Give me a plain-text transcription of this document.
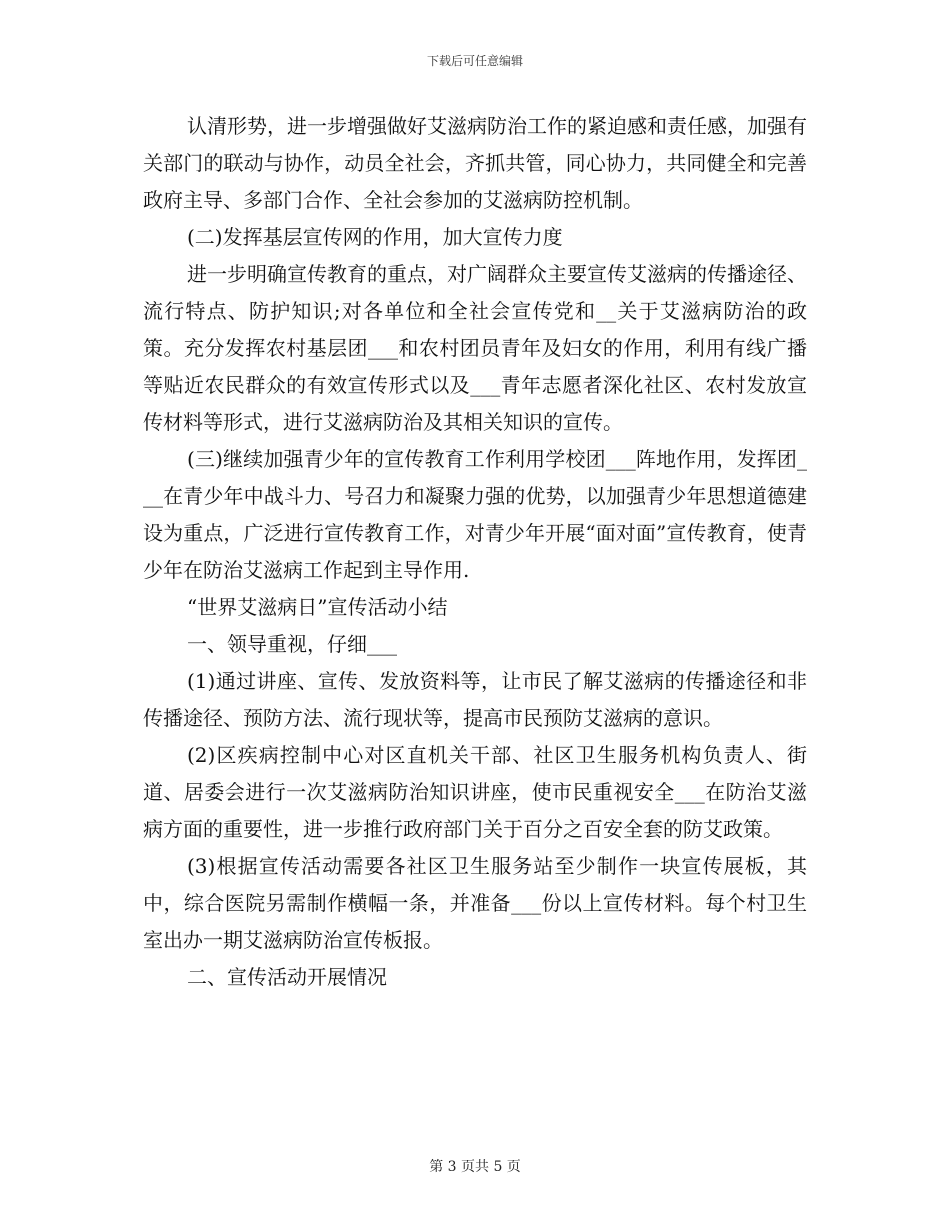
下载后可任意编辑

认清形势，进一步增强做好艾滋病防治工作的紧迫感和责任感，加强有关部门的联动与协作，动员全社会，齐抓共管，同心协力，共同健全和完善政府主导、多部门合作、全社会参加的艾滋病防控机制。

(二)发挥基层宣传网的作用，加大宣传力度

进一步明确宣传教育的重点，对广阔群众主要宣传艾滋病的传播途径、流行特点、防护知识;对各单位和全社会宣传党和__关于艾滋病防治的政策。充分发挥农村基层团___和农村团员青年及妇女的作用，利用有线广播等贴近农民群众的有效宣传形式以及___青年志愿者深化社区、农村发放宣传材料等形式，进行艾滋病防治及其相关知识的宣传。

(三)继续加强青少年的宣传教育工作利用学校团___阵地作用，发挥团___在青少年中战斗力、号召力和凝聚力强的优势，以加强青少年思想道德建设为重点，广泛进行宣传教育工作，对青少年开展“面对面”宣传教育，使青少年在防治艾滋病工作起到主导作用.

“世界艾滋病日”宣传活动小结

一、领导重视，仔细___

(1)通过讲座、宣传、发放资料等，让市民了解艾滋病的传播途径和非传播途径、预防方法、流行现状等，提高市民预防艾滋病的意识。

(2)区疾病控制中心对区直机关干部、社区卫生服务机构负责人、街道、居委会进行一次艾滋病防治知识讲座，使市民重视安全___在防治艾滋病方面的重要性，进一步推行政府部门关于百分之百安全套的防艾政策。

(3)根据宣传活动需要各社区卫生服务站至少制作一块宣传展板，其中，综合医院另需制作横幅一条，并准备___份以上宣传材料。每个村卫生室出办一期艾滋病防治宣传板报。

二、宣传活动开展情况

第 3 页共 5 页
